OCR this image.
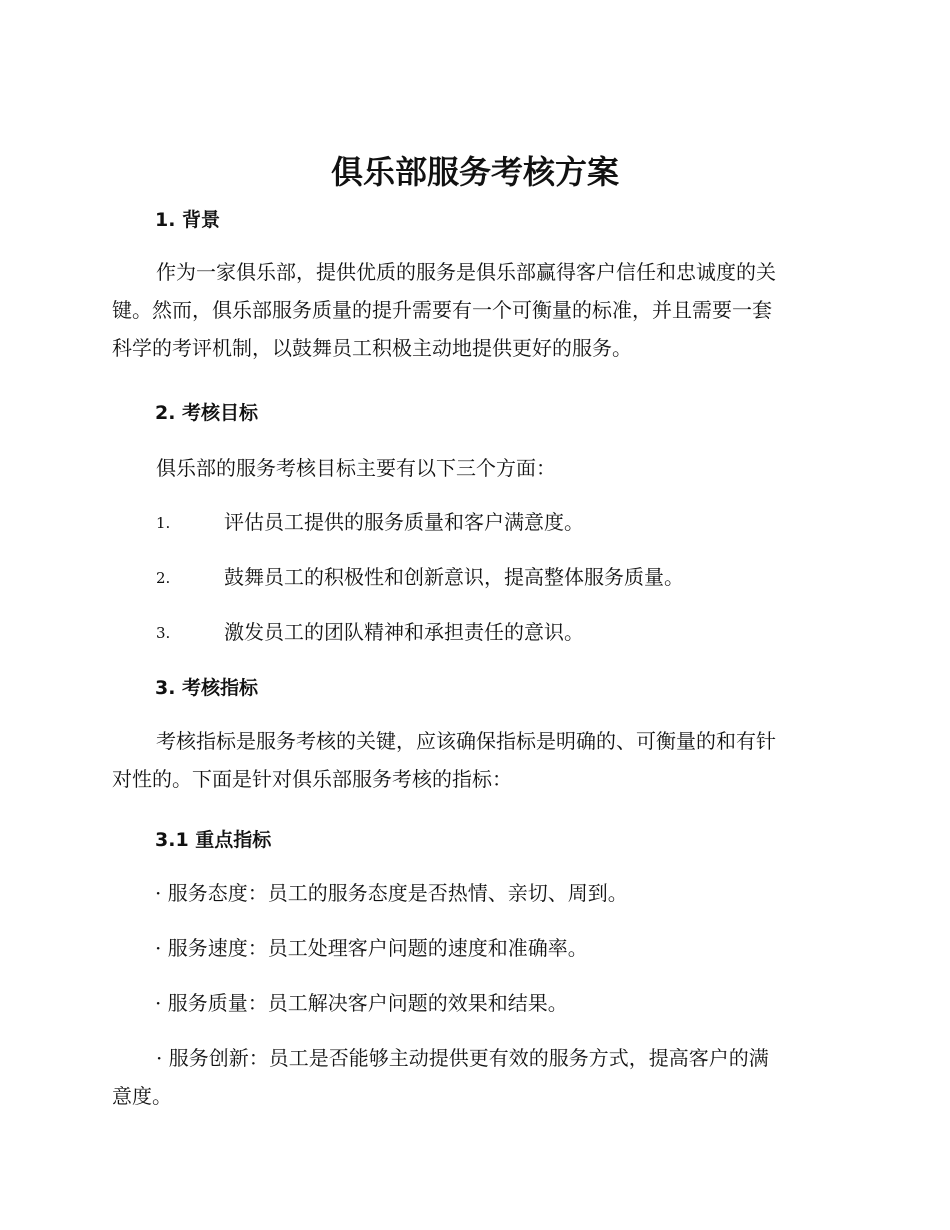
俱乐部服务考核方案
1. 背景
作为一家俱乐部，提供优质的服务是俱乐部赢得客户信任和忠诚度的关
键。然而，俱乐部服务质量的提升需要有一个可衡量的标准，并且需要一套
科学的考评机制，以鼓舞员工积极主动地提供更好的服务。
2. 考核目标
俱乐部的服务考核目标主要有以下三个方面：
1.	评估员工提供的服务质量和客户满意度。
2.	鼓舞员工的积极性和创新意识，提高整体服务质量。
3.	激发员工的团队精神和承担责任的意识。
3. 考核指标
考核指标是服务考核的关键，应该确保指标是明确的、可衡量的和有针
对性的。下面是针对俱乐部服务考核的指标：
3.1 重点指标
· 服务态度：员工的服务态度是否热情、亲切、周到。
· 服务速度：员工处理客户问题的速度和准确率。
· 服务质量：员工解决客户问题的效果和结果。
· 服务创新：员工是否能够主动提供更有效的服务方式，提高客户的满
意度。
